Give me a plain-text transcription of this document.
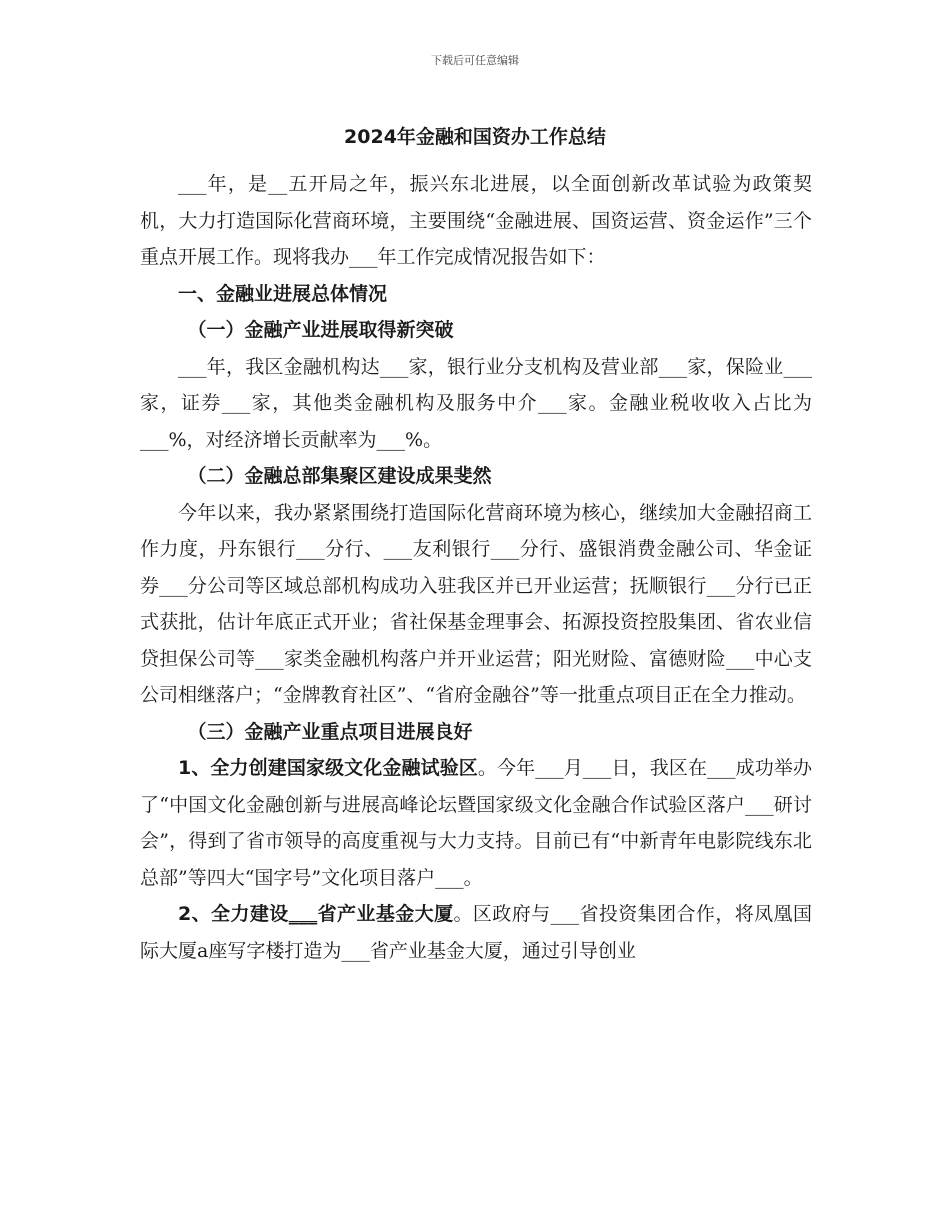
下载后可任意编辑
2024年金融和国资办工作总结

___年，是__五开局之年，振兴东北进展，以全面创新改革试验为政策契机，大力打造国际化营商环境，主要围绕“金融进展、国资运营、资金运作”三个重点开展工作。现将我办___年工作完成情况报告如下：

一、金融业进展总体情况

（一）金融产业进展取得新突破

___年，我区金融机构达___家，银行业分支机构及营业部___家，保险业___家，证券___家，其他类金融机构及服务中介___家。金融业税收收入占比为___%，对经济增长贡献率为___%。

（二）金融总部集聚区建设成果斐然

今年以来，我办紧紧围绕打造国际化营商环境为核心，继续加大金融招商工作力度，丹东银行___分行、___友利银行___分行、盛银消费金融公司、华金证券___分公司等区域总部机构成功入驻我区并已开业运营；抚顺银行___分行已正式获批，估计年底正式开业；省社保基金理事会、拓源投资控股集团、省农业信贷担保公司等___家类金融机构落户并开业运营；阳光财险、富德财险___中心支公司相继落户；“金牌教育社区”、“省府金融谷”等一批重点项目正在全力推动。

（三）金融产业重点项目进展良好

1、全力创建国家级文化金融试验区。今年___月___日，我区在___成功举办了“中国文化金融创新与进展高峰论坛暨国家级文化金融合作试验区落户___研讨会”，得到了省市领导的高度重视与大力支持。目前已有“中新青年电影院线东北总部”等四大“国字号”文化项目落户___。

2、全力建设___省产业基金大厦。区政府与___省投资集团合作，将凤凰国际大厦a座写字楼打造为___省产业基金大厦，通过引导创业
